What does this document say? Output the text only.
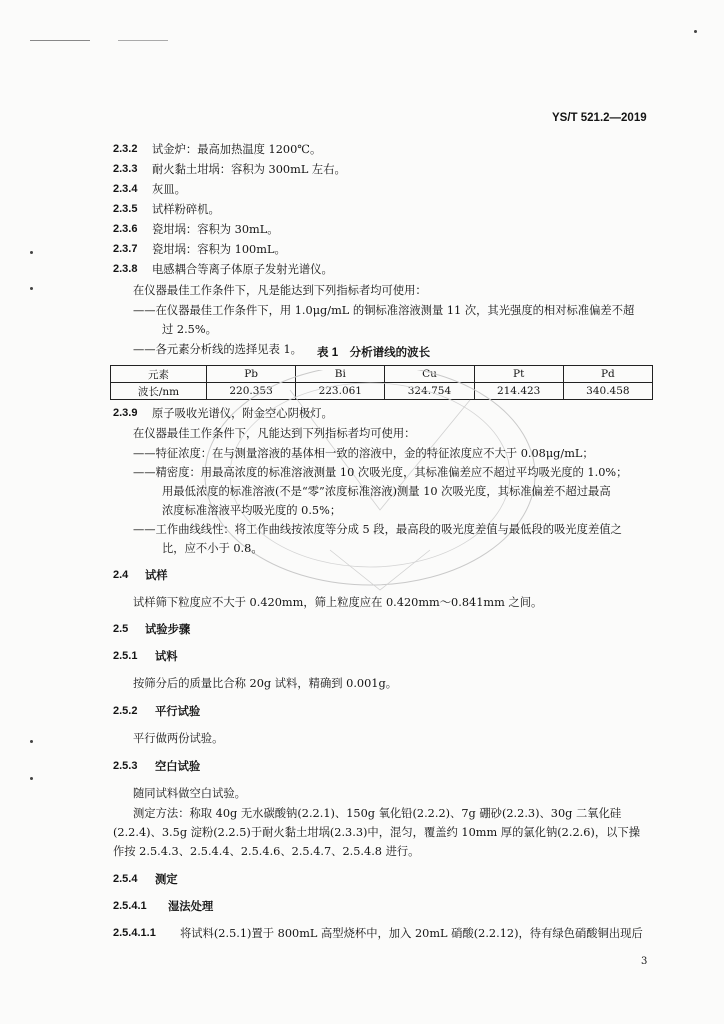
YS/T 521.2—2019
2.3.2 试金炉：最高加热温度 1200℃。
2.3.3 耐火黏土坩埚：容积为 300mL 左右。
2.3.4 灰皿。
2.3.5 试样粉碎机。
2.3.6 瓷坩埚：容积为 30mL。
2.3.7 瓷坩埚：容积为 100mL。
2.3.8 电感耦合等离子体原子发射光谱仪。
在仪器最佳工作条件下，凡是能达到下列指标者均可使用：
——在仪器最佳工作条件下，用 1.0μg/mL 的铜标准溶液测量 11 次，其光强度的相对标准偏差不超
过 2.5%。
——各元素分析线的选择见表 1。 表 1　分析谱线的波长
元素	Pb	Bi	Cu	Pt	Pd
波长/nm	220.353	223.061	324.754	214.423	340.458
2.3.9 原子吸收光谱仪，附金空心阴极灯。
在仪器最佳工作条件下，凡能达到下列指标者均可使用：
——特征浓度：在与测量溶液的基体相一致的溶液中，金的特征浓度应不大于 0.08μg/mL；
——精密度：用最高浓度的标准溶液测量 10 次吸光度，其标准偏差应不超过平均吸光度的 1.0%；
用最低浓度的标准溶液(不是“零”浓度标准溶液)测量 10 次吸光度，其标准偏差不超过最高
浓度标准溶液平均吸光度的 0.5%；
——工作曲线线性：将工作曲线按浓度等分成 5 段，最高段的吸光度差值与最低段的吸光度差值之
比，应不小于 0.8。
2.4 试样
试样筛下粒度应不大于 0.420mm，筛上粒度应在 0.420mm～0.841mm 之间。
2.5 试验步骤
2.5.1 试料
按筛分后的质量比合称 20g 试料，精确到 0.001g。
2.5.2 平行试验
平行做两份试验。
2.5.3 空白试验
随同试料做空白试验。
测定方法：称取 40g 无水碳酸钠(2.2.1)、150g 氧化铅(2.2.2)、7g 硼砂(2.2.3)、30g 二氧化硅
(2.2.4)、3.5g 淀粉(2.2.5)于耐火黏土坩埚(2.3.3)中，混匀，覆盖约 10mm 厚的氯化钠(2.2.6)，以下操
作按 2.5.4.3、2.5.4.4、2.5.4.6、2.5.4.7、2.5.4.8 进行。
2.5.4 测定
2.5.4.1 湿法处理
2.5.4.1.1 将试料(2.5.1)置于 800mL 高型烧杯中，加入 20mL 硝酸(2.2.12)，待有绿色硝酸铜出现后
3
